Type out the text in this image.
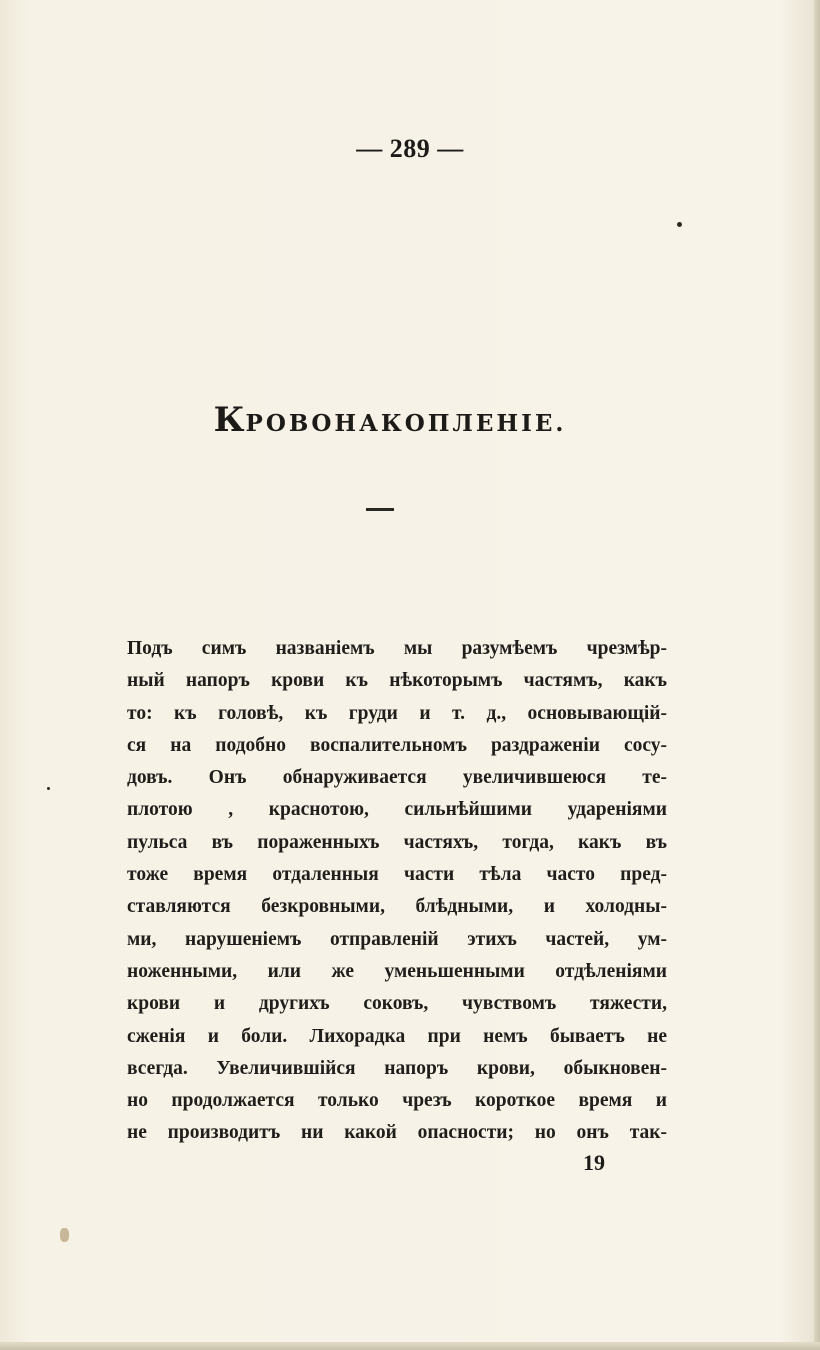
— 289 —
КРОВОНАКОПЛЕНІЕ.
Подъ симъ названіемъ мы разумѣемъ чрезмѣр-
ный напоръ крови къ нѣкоторымъ частямъ, какъ
то: къ головѣ, къ груди и т. д., основывающій-
ся на подобно воспалительномъ раздраженіи сосу-
довъ. Онъ обнаруживается увеличившеюся те-
плотою , краснотою, сильнѣйшими удареніями
пульса въ пораженныхъ частяхъ, тогда, какъ въ
тоже время отдаленныя части тѣла часто пред-
ставляются безкровными, блѣдными, и холодны-
ми, нарушеніемъ отправленій этихъ частей, ум-
ноженными, или же уменьшенными отдѣленіями
крови и другихъ соковъ, чувствомъ тяжести,
сженія и боли. Лихорадка при немъ бываетъ не
всегда. Увеличившійся напоръ крови, обыкновен-
но продолжается только чрезъ короткое время и
не производитъ ни какой опасности; но онъ так-
19
